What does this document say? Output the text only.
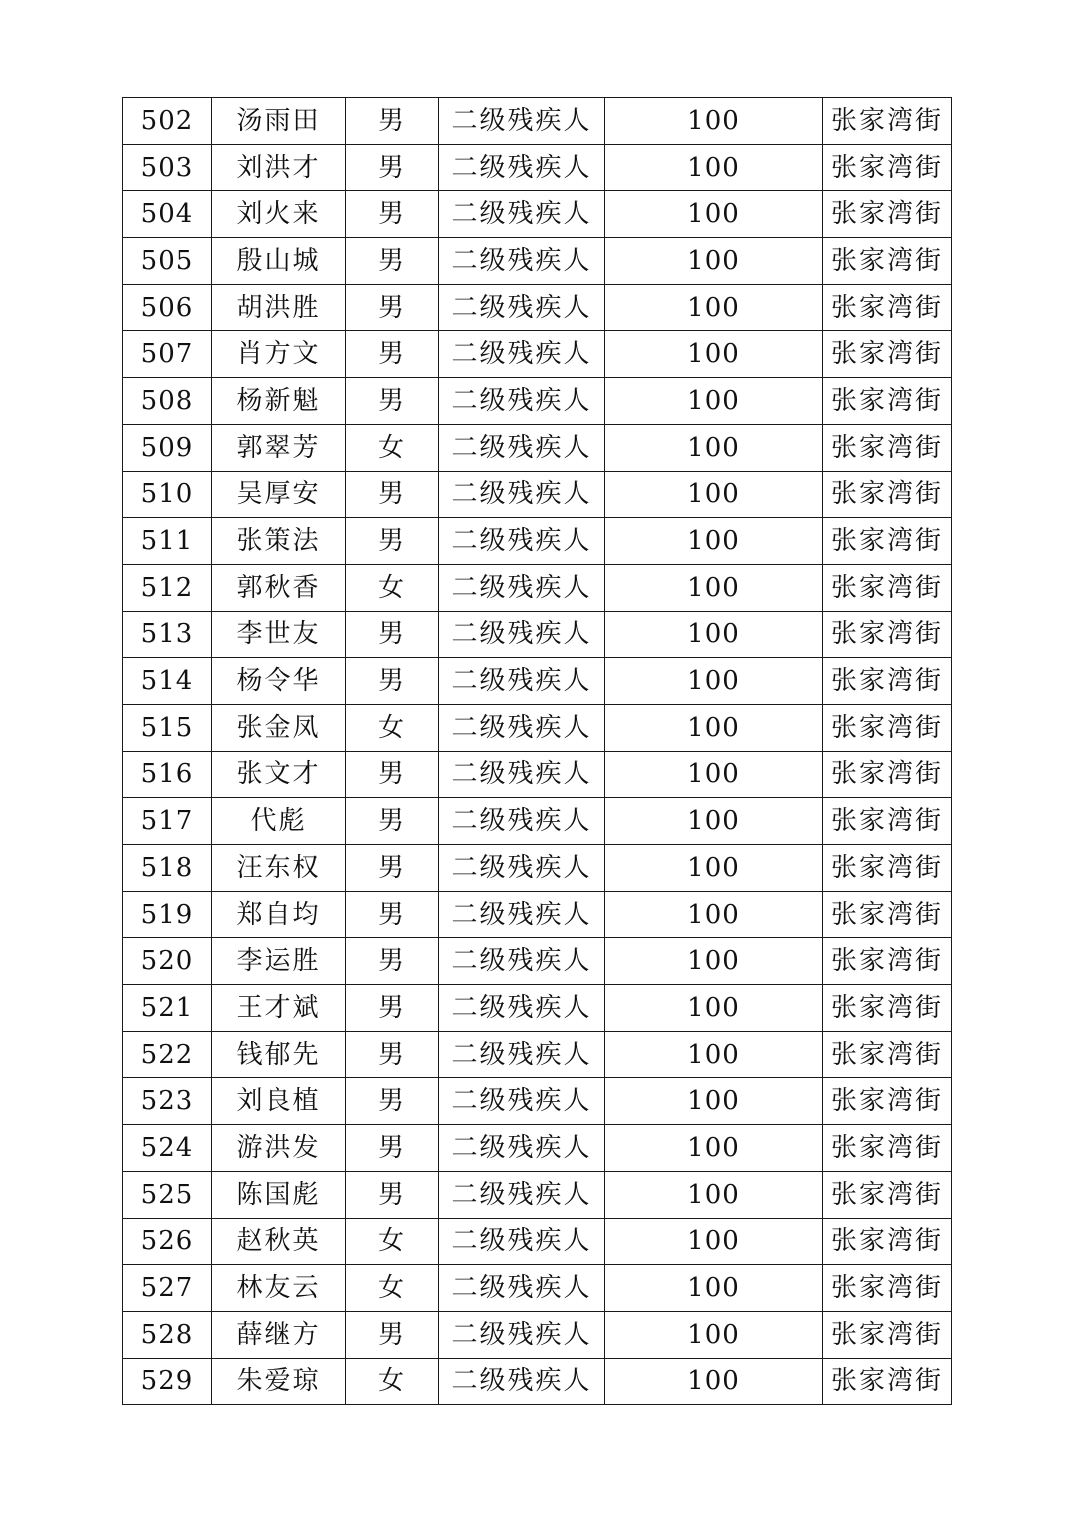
502	汤雨田	男	二级残疾人	100	张家湾街
503	刘洪才	男	二级残疾人	100	张家湾街
504	刘火来	男	二级残疾人	100	张家湾街
505	殷山城	男	二级残疾人	100	张家湾街
506	胡洪胜	男	二级残疾人	100	张家湾街
507	肖方文	男	二级残疾人	100	张家湾街
508	杨新魁	男	二级残疾人	100	张家湾街
509	郭翠芳	女	二级残疾人	100	张家湾街
510	吴厚安	男	二级残疾人	100	张家湾街
511	张策法	男	二级残疾人	100	张家湾街
512	郭秋香	女	二级残疾人	100	张家湾街
513	李世友	男	二级残疾人	100	张家湾街
514	杨令华	男	二级残疾人	100	张家湾街
515	张金凤	女	二级残疾人	100	张家湾街
516	张文才	男	二级残疾人	100	张家湾街
517	代彪	男	二级残疾人	100	张家湾街
518	汪东权	男	二级残疾人	100	张家湾街
519	郑自均	男	二级残疾人	100	张家湾街
520	李运胜	男	二级残疾人	100	张家湾街
521	王才斌	男	二级残疾人	100	张家湾街
522	钱郁先	男	二级残疾人	100	张家湾街
523	刘良植	男	二级残疾人	100	张家湾街
524	游洪发	男	二级残疾人	100	张家湾街
525	陈国彪	男	二级残疾人	100	张家湾街
526	赵秋英	女	二级残疾人	100	张家湾街
527	林友云	女	二级残疾人	100	张家湾街
528	薛继方	男	二级残疾人	100	张家湾街
529	朱爱琼	女	二级残疾人	100	张家湾街
